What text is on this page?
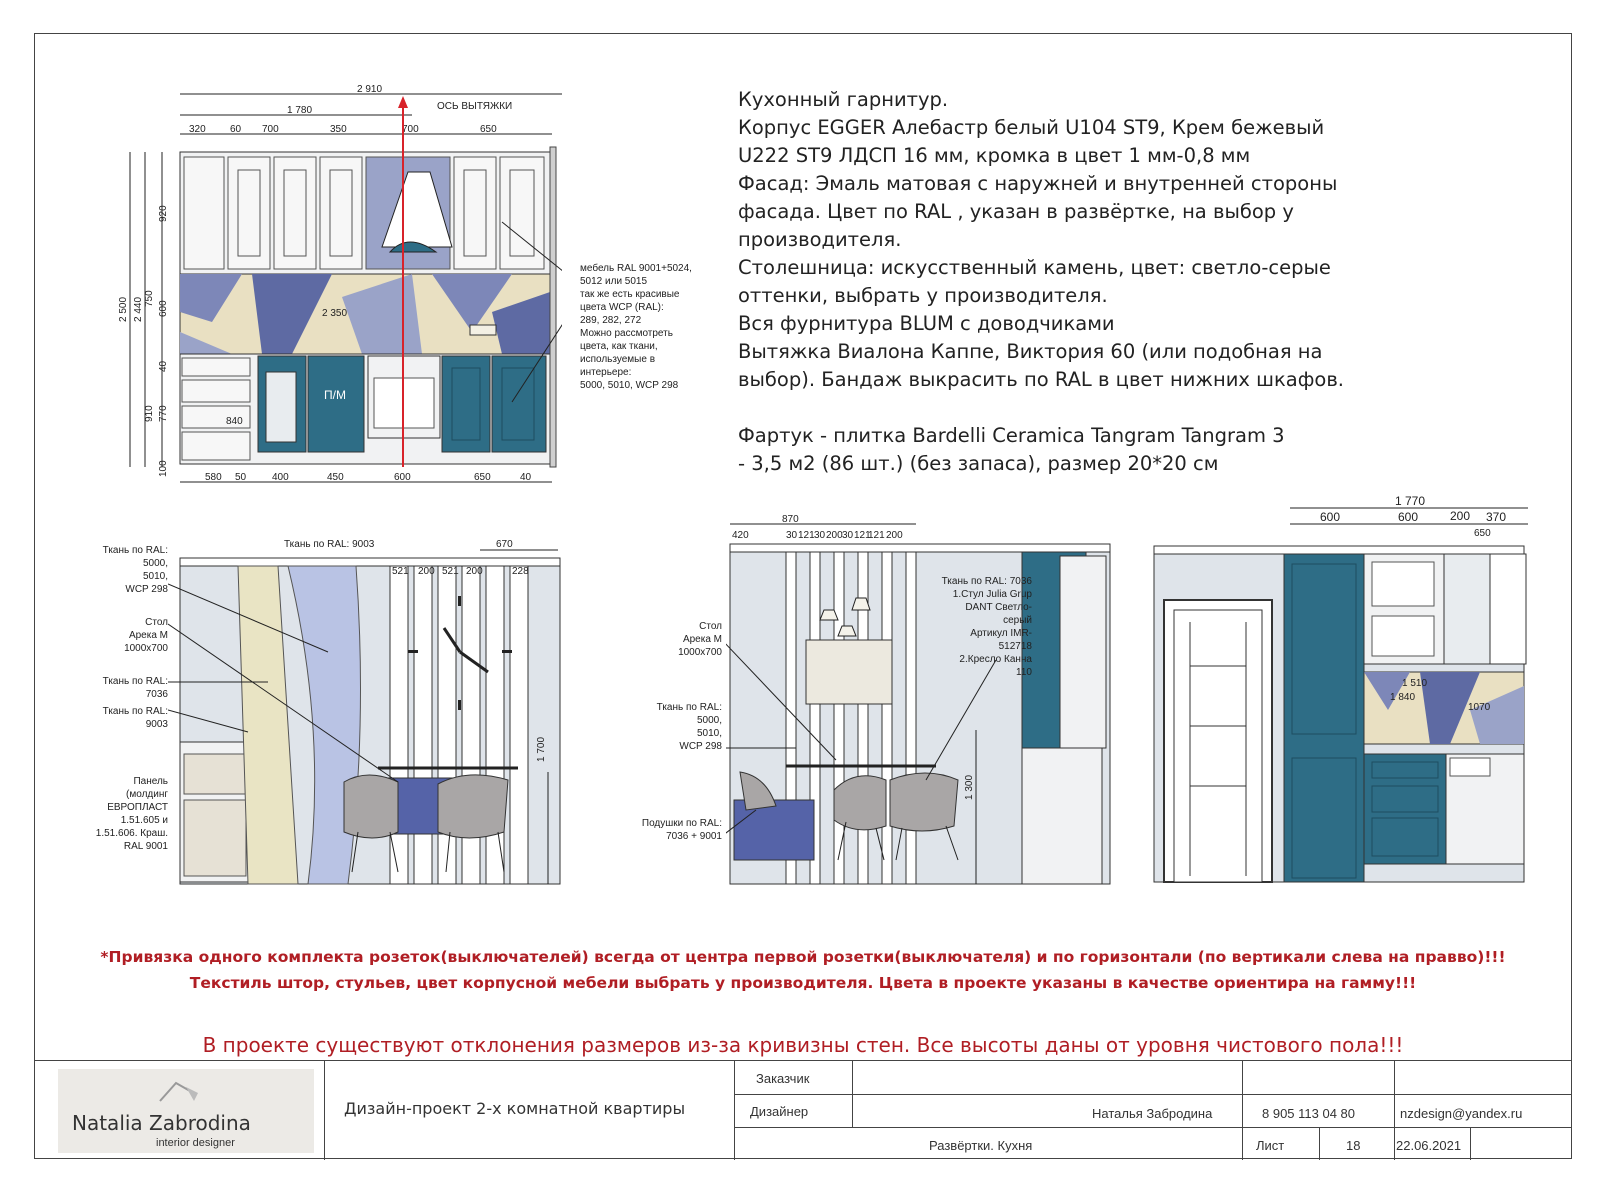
2 910
1 780	ОСЬ ВЫТЯЖКИ
320 60 700	350	700	650
2 500 2 440
920
750
600
40
910 770
100
2 350
П/М
840
580 50	400	450	600	650	40
мебель RAL 9001+5024,
5012 или 5015
так же есть красивые
цвета WCP (RAL):
289, 282, 272
Можно рассмотреть
цвета, как ткани,
используемые в
интерьере:
5000, 5010, WCP 298
Кухонный гарнитур.
Корпус EGGER Алебастр белый U104 ST9, Крем бежевый
U222 ST9 ЛДСП 16 мм, кромка в цвет 1 мм-0,8 мм
Фасад: Эмаль матовая с наружней и внутренней стороны
фасада. Цвет по RAL , указан в развёртке, на выбор у
производителя.
Столешница: искусственный камень, цвет: светло-серые
оттенки, выбрать у производителя.
Вся фурнитура BLUM с доводчиками
Вытяжка Виалона Каппе, Виктория 60 (или подобная на
выбор). Бандаж выкрасить по RAL в цвет нижних шкафов.
Фартук - плитка Bardelli Ceramica Tangram Tangram 3
- 3,5 м2 (86 шт.) (без запаса), размер 20*20 см
Ткань по RAL:
5000,
5010,
WCP 298
Стол
Арека М
1000х700
Ткань по RAL:
7036
Ткань по RAL:
9003
Панель
(молдинг
ЕВРОПЛАСТ
1.51.605 и
1.51.606. Краш.
RAL 9001
Ткань по RAL: 9003	670
521 200 521 200	228
1 700
Стол
Арека М
1000х700
Ткань по RAL:
5000,
5010,
WCP 298
Подушки по RAL:
7036 + 9001
870
420	30 121 30 200 30 121
121 200
1 300
Ткань по RAL: 7036
1.Стул Julia Grup
DANT Светло-
серый
Артикул IMR-
512718
2.Кресло Канна
110
1 770
600	600	200 370
650
1 510
1 840
1070
*Привязка одного комплекта розеток(выключателей) всегда от центра первой розетки(выключателя) и по горизонтали (по вертикали слева на правво)!!!
Текстиль штор, стульев, цвет корпусной мебели выбрать у производителя. Цвета в проекте указаны в качестве ориентира на гамму!!!
В проекте существуют отклонения размеров из-за кривизны стен. Все высоты даны от уровня чистового пола!!!
Natalia Zabrodina
interior designer
Дизайн-проект 2-х комнатной квартиры
Заказчик
Дизайнер	Наталья Забродина	8 905 113 04 80	nzdesign@yandex.ru
Развёртки. Кухня	Лист	18	22.06.2021
